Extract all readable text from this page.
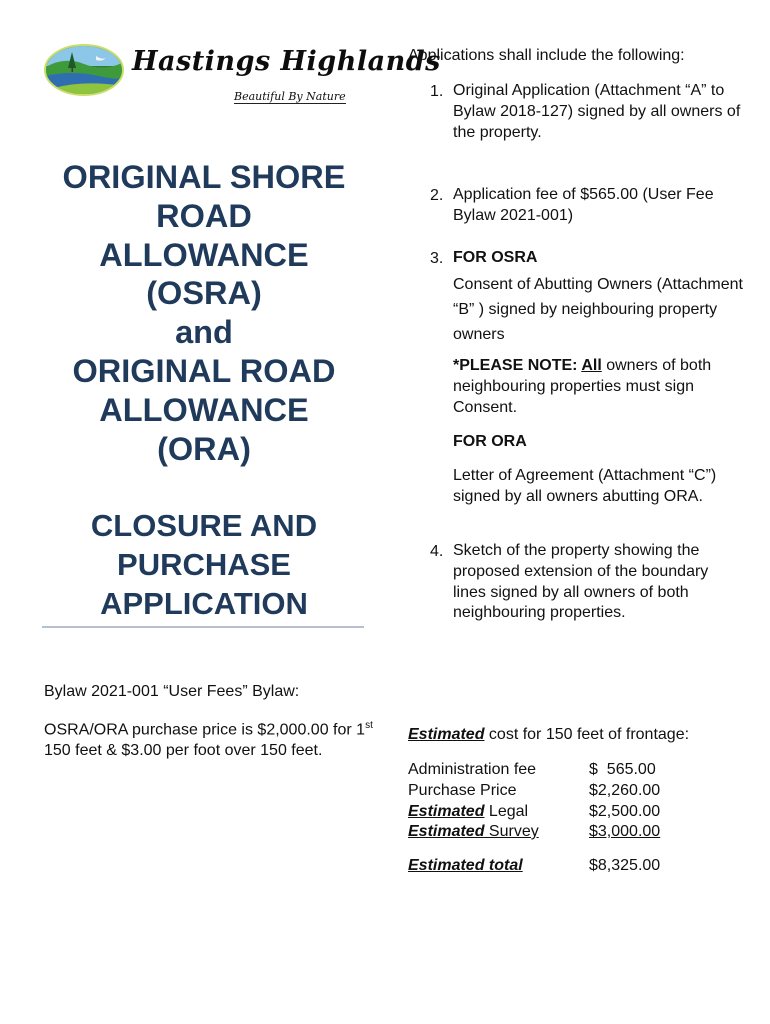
Hastings Highlands
Beautiful By Nature
ORIGINAL SHORE
ROAD
ALLOWANCE
(OSRA)
and
ORIGINAL ROAD
ALLOWANCE
(ORA)
CLOSURE AND
PURCHASE
APPLICATION
Bylaw 2021-001 “User Fees” Bylaw:
OSRA/ORA purchase price is $2,000.00 for 1st 150 feet & $3.00 per foot over 150 feet.
Applications shall include the following:
1. Original Application (Attachment “A” to Bylaw 2018-127) signed by all owners of the property.
2. Application fee of $565.00 (User Fee Bylaw 2021-001)
3. FOR OSRA
Consent of Abutting Owners (Attachment “B” ) signed by neighbouring property owners
*PLEASE NOTE: All owners of both neighbouring properties must sign Consent.
FOR ORA
Letter of Agreement (Attachment “C”) signed by all owners abutting ORA.
4. Sketch of the property showing the proposed extension of the boundary lines signed by all owners of both neighbouring properties.
Estimated cost for 150 feet of frontage:
Administration fee	$  565.00
Purchase Price	$2,260.00
Estimated Legal	$2,500.00
Estimated Survey	$3,000.00
Estimated total	$8,325.00
